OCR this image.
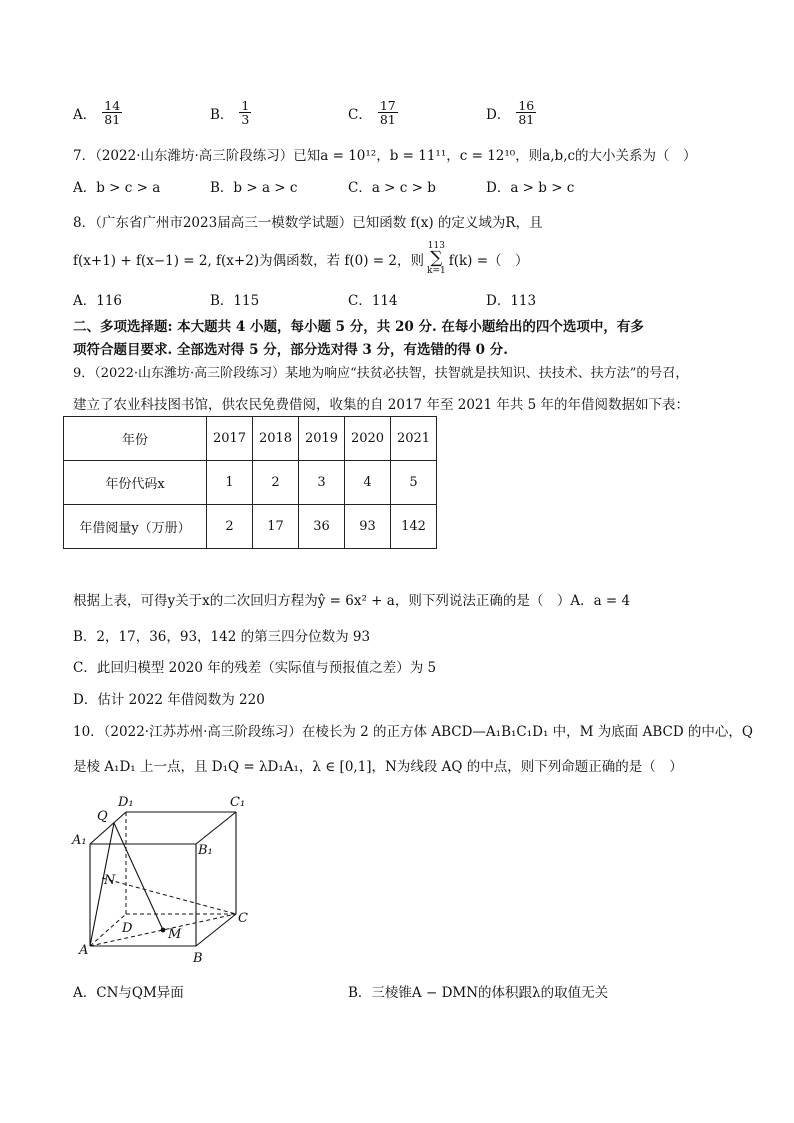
A． $\frac{14}{81}$	B． $\frac{1}{3}$	C． $\frac{17}{81}$	D． $\frac{16}{81}$
7．（2022·山东潍坊·高三阶段练习）已知a = 10¹²，b = 11¹¹，c = 12¹⁰，则a,b,c的大小关系为（　）
A．b > c > a	B．b > a > c	C．a > c > b	D．a > b > c
8．（广东省广州市2023届高三一模数学试题）已知函数 f(x) 的定义域为R，且
f(x+1) + f(x−1) = 2, f(x+2)为偶函数，若 f(0) = 2，则
113
∑
k=1
f(k) =（　）
A．116	B．115	C．114	D．113
二、多项选择题: 本大题共 4 小题，每小题 5 分，共 20 分. 在每小题给出的四个选项中，有多
项符合题目要求. 全部选对得 5 分，部分选对得 3 分，有选错的得 0 分.
9．（2022·山东潍坊·高三阶段练习）某地为响应“扶贫必扶智，扶智就是扶知识、扶技术、扶方法”的号召，
建立了农业科技图书馆，供农民免费借阅，收集的自 2017 年至 2021 年共 5 年的年借阅数据如下表：
年份	2017	2018	2019	2020	2021
年份代码x	1	2	3	4	5
年借阅量y（万册）	2	17	36	93	142
根据上表，可得y关于x的二次回归方程为ŷ = 6x² + a，则下列说法正确的是（　）A．a = 4
B．2，17，36，93，142 的第三四分位数为 93
C．此回归模型 2020 年的残差（实际值与预报值之差）为 5
D．估计 2022 年借阅数为 220
10．（2022·江苏苏州·高三阶段练习）在棱长为 2 的正方体 ABCD—A₁B₁C₁D₁ 中，M 为底面 ABCD 的中心，Q
是棱 A₁D₁ 上一点，且 D₁Q = λD₁A₁，λ ∈ [0,1]，N为线段 AQ 的中点，则下列命题正确的是（　）
D₁	C₁
A₁
B₁
Q
N
D
C
A
B
M
A．CN与QM异面	B．三棱锥A − DMN的体积跟λ的取值无关
